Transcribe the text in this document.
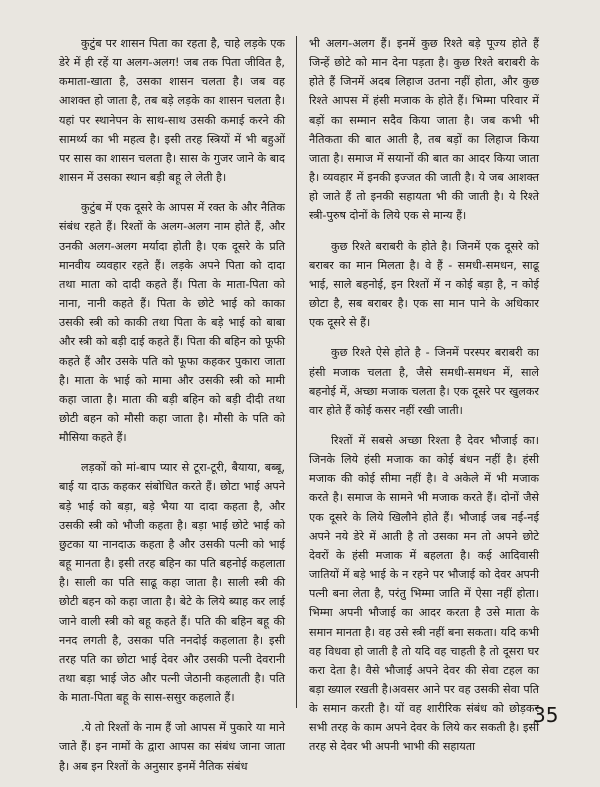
कुटुंब पर शासन पिता का रहता है, चाहे लड़के एक डेरे में ही रहें या अलग-अलग! जब तक पिता जीवित है, कमाता-खाता है, उसका शासन चलता है। जब वह आशक्त हो जाता है, तब बड़े लड़के का शासन चलता है। यहां पर स्थानेपन के साथ-साथ उसकी कमाई करने की सामर्थ्य का भी महत्व है। इसी तरह स्त्रियों में भी बहुओं पर सास का शासन चलता है। सास के गुजर जाने के बाद शासन में उसका स्थान बड़ी बहू ले लेती है।

कुटुंब में एक दूसरे के आपस में रक्त के और नैतिक संबंध रहते हैं। रिश्तों के अलग-अलग नाम होते हैं, और उनकी अलग-अलग मर्यादा होती है। एक दूसरे के प्रति मानवीय व्यवहार रहते हैं। लड़के अपने पिता को दादा तथा माता को दादी कहते हैं। पिता के माता-पिता को नाना, नानी कहते हैं। पिता के छोटे भाई को काका उसकी स्त्री को काकी तथा पिता के बड़े भाई को बाबा और स्त्री को बड़ी दाई कहते हैं। पिता की बहिन को फूफी कहते हैं और उसके पति को फूफा कहकर पुकारा जाता है। माता के भाई को मामा और उसकी स्त्री को मामी कहा जाता है। माता की बड़ी बहिन को बड़ी दीदी तथा छोटी बहन को मौसी कहा जाता है। मौसी के पति को मौसिया कहते हैं।

लड़कों को मां-बाप प्यार से टूरा-टूरी, बैयाया, बब्बू, बाई या दाऊ कहकर संबोधित करते हैं। छोटा भाई अपने बड़े भाई को बड़ा, बड़े भैया या दादा कहता है, और उसकी स्त्री को भौजी कहता है। बड़ा भाई छोटे भाई को छुटका या नानदाऊ कहता है और उसकी पत्नी को भाई बहू मानता है। इसी तरह बहिन का पति बहनोई कहलाता है। साली का पति साढू कहा जाता है। साली स्त्री की छोटी बहन को कहा जाता है। बेटे के लिये ब्याह कर लाई जाने वाली स्त्री को बहू कहते हैं। पति की बहिन बहू की ननद लगती है, उसका पति ननदोई कहलाता है। इसी तरह पति का छोटा भाई देवर और उसकी पत्नी देवरानी तथा बड़ा भाई जेठ और पत्नी जेठानी कहलाती है। पति के माता-पिता बहू के सास-ससुर कहलाते हैं।

.ये तो रिश्तों के नाम हैं जो आपस में पुकारे या माने जाते हैं। इन नामों के द्वारा आपस का संबंध जाना जाता है। अब इन रिश्तों के अनुसार इनमें नैतिक संबंध

भी अलग-अलग हैं। इनमें कुछ रिश्ते बड़े पूज्य होते हैं जिन्हें छोटे को मान देना पड़ता है। कुछ रिश्ते बराबरी के होते हैं जिनमें अदब लिहाज उतना नहीं होता, और कुछ रिश्ते आपस में हंसी मजाक के होते हैं। भिम्मा परिवार में बड़ों का सम्मान सदैव किया जाता है। जब कभी भी नैतिकता की बात आती है, तब बड़ों का लिहाज किया जाता है। समाज में सयानों की बात का आदर किया जाता है। व्यवहार में इनकी इज्जत की जाती है। ये जब आशक्त हो जाते हैं तो इनकी सहायता भी की जाती है। ये रिश्ते स्त्री-पुरुष दोनों के लिये एक से मान्य हैं।

कुछ रिश्ते बराबरी के होते है। जिनमें एक दूसरे को बराबर का मान मिलता है। वे हैं - समधी-समधन, साढू भाई, साले बहनोई, इन रिश्तों में न कोई बड़ा है, न कोई छोटा है, सब बराबर है। एक सा मान पाने के अधिकार एक दूसरे से हैं।

कुछ रिश्ते ऐसे होते है - जिनमें परस्पर बराबरी का हंसी मजाक चलता है, जैसे समधी-समधन में, साले बहनोई में, अच्छा मजाक चलता है। एक दूसरे पर खुलकर वार होते हैं कोई कसर नहीं रखी जाती।

रिश्तों में सबसे अच्छा रिश्ता है देवर भौजाई का। जिनके लिये हंसी मजाक का कोई बंधन नहीं है। हंसी मजाक की कोई सीमा नहीं है। वे अकेले में भी मजाक करते है। समाज के सामने भी मजाक करते हैं। दोनों जैसे एक दूसरे के लिये खिलौने होते हैं। भौजाई जब नई-नई अपने नये डेरे में आती है तो उसका मन तो अपने छोटे देवरों के हंसी मजाक में बहलता है। कई आदिवासी जातियों में बड़े भाई के न रहने पर भौजाई को देवर अपनी पत्नी बना लेता है, परंतु भिम्मा जाति में ऐसा नहीं होता। भिम्मा अपनी भौजाई का आदर करता है उसे माता के समान मानता है। वह उसे स्त्री नहीं बना सकता। यदि कभी वह विधवा हो जाती है तो यदि वह चाहती है तो दूसरा घर करा देता है। वैसे भौजाई अपने देवर की सेवा टहल का बड़ा ख्याल रखती है।अवसर आने पर वह उसकी सेवा पति के समान करती है। यों वह शारीरिक संबंध को छोड़कर सभी तरह के काम अपने देवर के लिये कर सकती है। इसी तरह से देवर भी अपनी भाभी की सहायता

35
